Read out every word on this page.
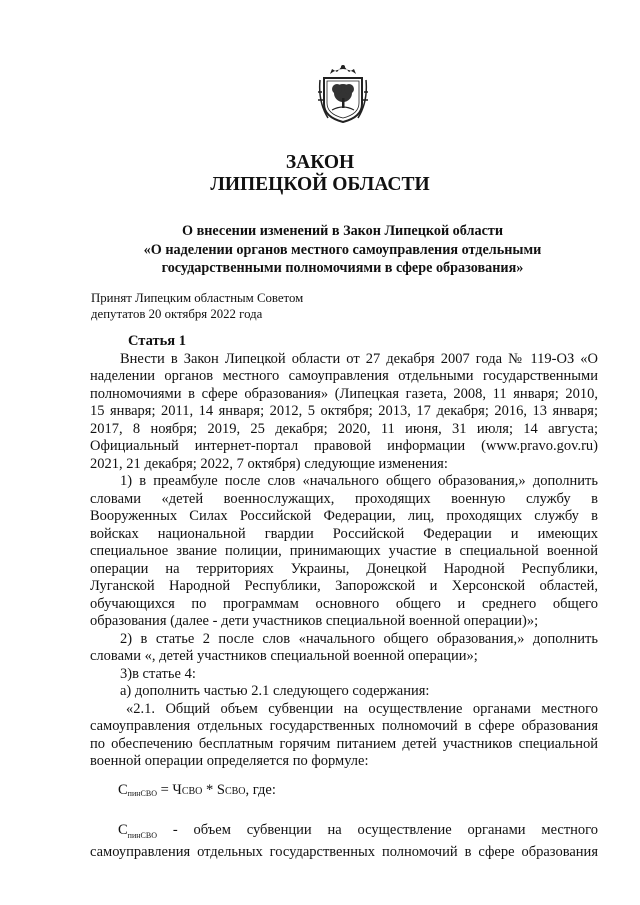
ЗАКОН
ЛИПЕЦКОЙ ОБЛАСТИ
О внесении изменений в Закон Липецкой области
«О наделении органов местного самоуправления отдельными
государственными полномочиями в сфере образования»
Принят Липецким областным Советом
депутатов 20 октября 2022 года
Статья 1
Внести в Закон Липецкой области от 27 декабря 2007 года № 119-ОЗ «О
наделении органов местного самоуправления отдельными государственными
полномочиями в сфере образования» (Липецкая газета, 2008, 11 января; 2010,
15 января; 2011, 14 января; 2012, 5 октября; 2013, 17 декабря; 2016, 13 января;
2017, 8 ноября; 2019, 25 декабря; 2020, 11 июня, 31 июля; 14 августа;
Официальный интернет-портал правовой информации (www.pravo.gov.ru)
2021, 21 декабря; 2022, 7 октября) следующие изменения:
1) в преамбуле после слов «начального общего образования,» дополнить
словами «детей военнослужащих, проходящих военную службу в
Вооруженных Силах Российской Федерации, лиц, проходящих службу в
войсках национальной гвардии Российской Федерации и имеющих
специальное звание полиции, принимающих участие в специальной военной
операции на территориях Украины, Донецкой Народной Республики,
Луганской Народной Республики, Запорожской и Херсонской областей,
обучающихся по программам основного общего и среднего общего
образования (далее - дети участников специальной военной операции)»;
2) в статье 2 после слов «начального общего образования,» дополнить
словами «, детей участников специальной военной операции»;
3)в статье 4:
а) дополнить частью 2.1 следующего содержания:
«2.1. Общий объем субвенции на осуществление органами местного
самоуправления отдельных государственных полномочий в сфере образования
по обеспечению бесплатным горячим питанием детей участников специальной
военной операции определяется по формуле:
$C_{пинСВО}$ = ЧСВО * SСВО, где:
$C_{пинСВО}$ - объем субвенции на осуществление органами местного
самоуправления отдельных государственных полномочий в сфере образования
